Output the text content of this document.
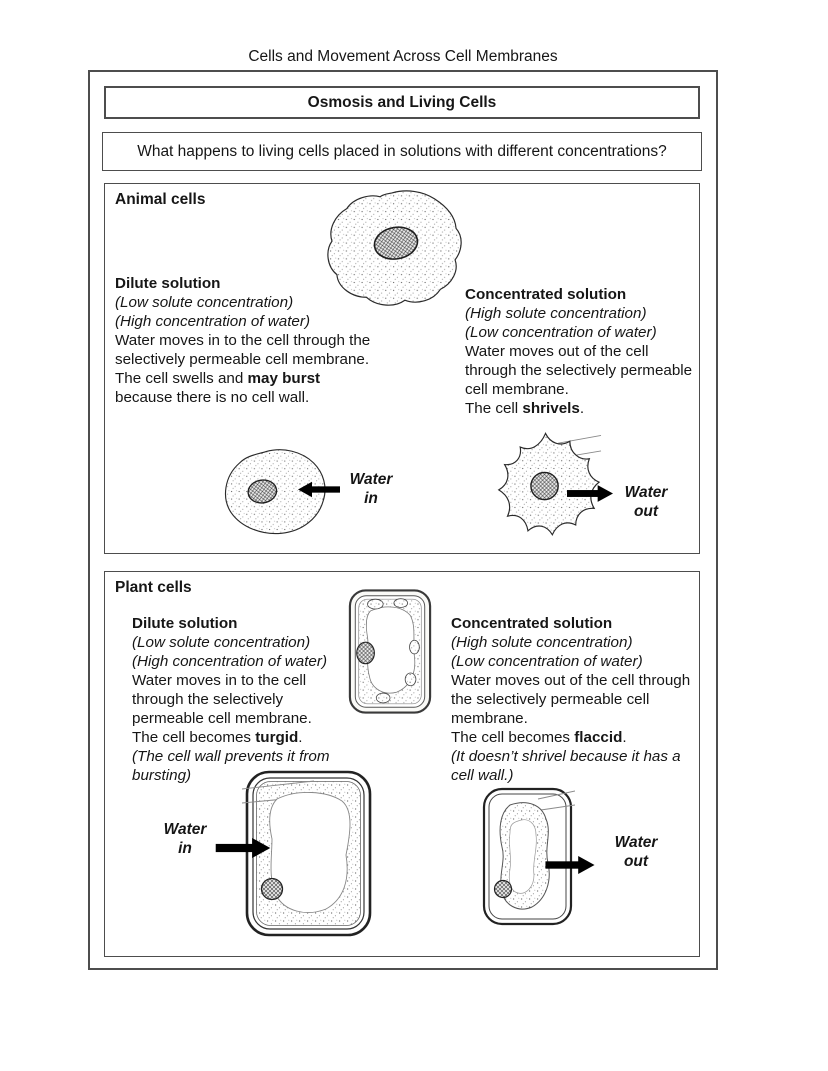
Cells and Movement Across Cell Membranes
Osmosis and Living Cells
What happens to living cells placed in solutions with different concentrations?
Animal cells
Dilute solution
(Low solute concentration)
(High concentration of water)
Water moves in to the cell through the selectively permeable cell membrane.
The cell swells and may burst because there is no cell wall.
Concentrated solution
(High solute concentration)
(Low concentration of water)
Water moves out of the cell through the selectively permeable cell membrane.
The cell shrivels.
Water
in	Water
out
Plant cells
Dilute solution
(Low solute concentration)
(High concentration of water)
Water moves in to the cell through the selectively permeable cell membrane.
The cell becomes turgid.
(The cell wall prevents it from bursting)
Concentrated solution
(High solute concentration)
(Low concentration of water)
Water moves out of the cell through the selectively permeable cell membrane.
The cell becomes flaccid.
(It doesn’t shrivel because it has a cell wall.)
Water
in	Water
out
